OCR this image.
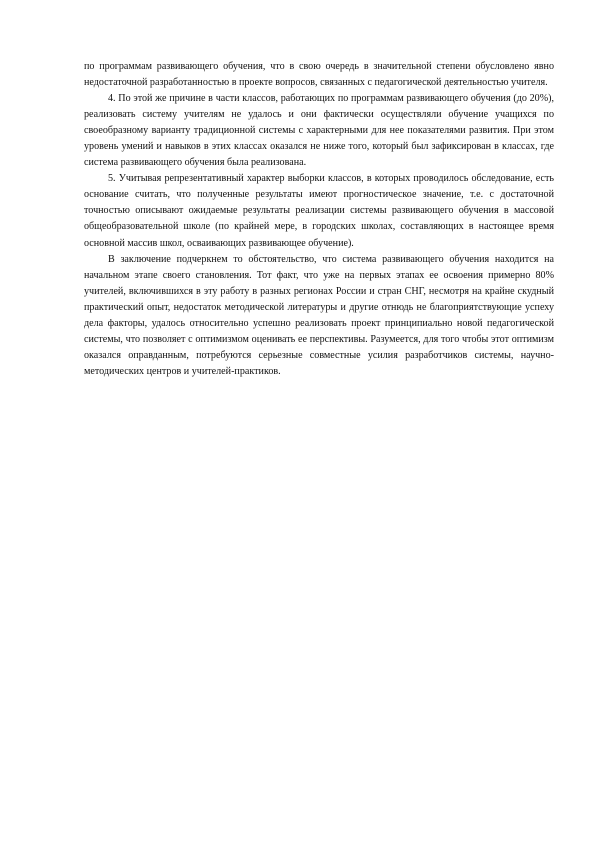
по программам развивающего обучения, что в свою очередь в значительной степени обусловлено явно недостаточной разработанностью в проекте вопросов, связанных с педагогической деятельностью учителя.

4. По этой же причине в части классов, работающих по программам развивающего обучения (до 20%), реализовать систему учителям не удалось и они фактически осуществляли обучение учащихся по своеобразному варианту традиционной системы с характерными для нее показателями развития. При этом уровень умений и навыков в этих классах оказался не ниже того, который был зафиксирован в классах, где система развивающего обучения была реализована.

5. Учитывая репрезентативный характер выборки классов, в которых проводилось обследование, есть основание считать, что полученные результаты имеют прогностическое значение, т.е. с достаточной точностью описывают ожидаемые результаты реализации системы развивающего обучения в массовой общеобразовательной школе (по крайней мере, в городских школах, составляющих в настоящее время основной массив школ, осваивающих развивающее обучение).

В заключение подчеркнем то обстоятельство, что система развивающего обучения находится на начальном этапе своего становления. Тот факт, что уже на первых этапах ее освоения примерно 80% учителей, включившихся в эту работу в разных регионах России и стран СНГ, несмотря на крайне скудный практический опыт, недостаток методической литературы и другие отнюдь не благоприятствующие успеху дела факторы, удалось относительно успешно реализовать проект принципиально новой педагогической системы, что позволяет с оптимизмом оценивать ее перспективы. Разумеется, для того чтобы этот оптимизм оказался оправданным, потребуются серьезные совместные усилия разработчиков системы, научно-методических центров и учителей-практиков.
